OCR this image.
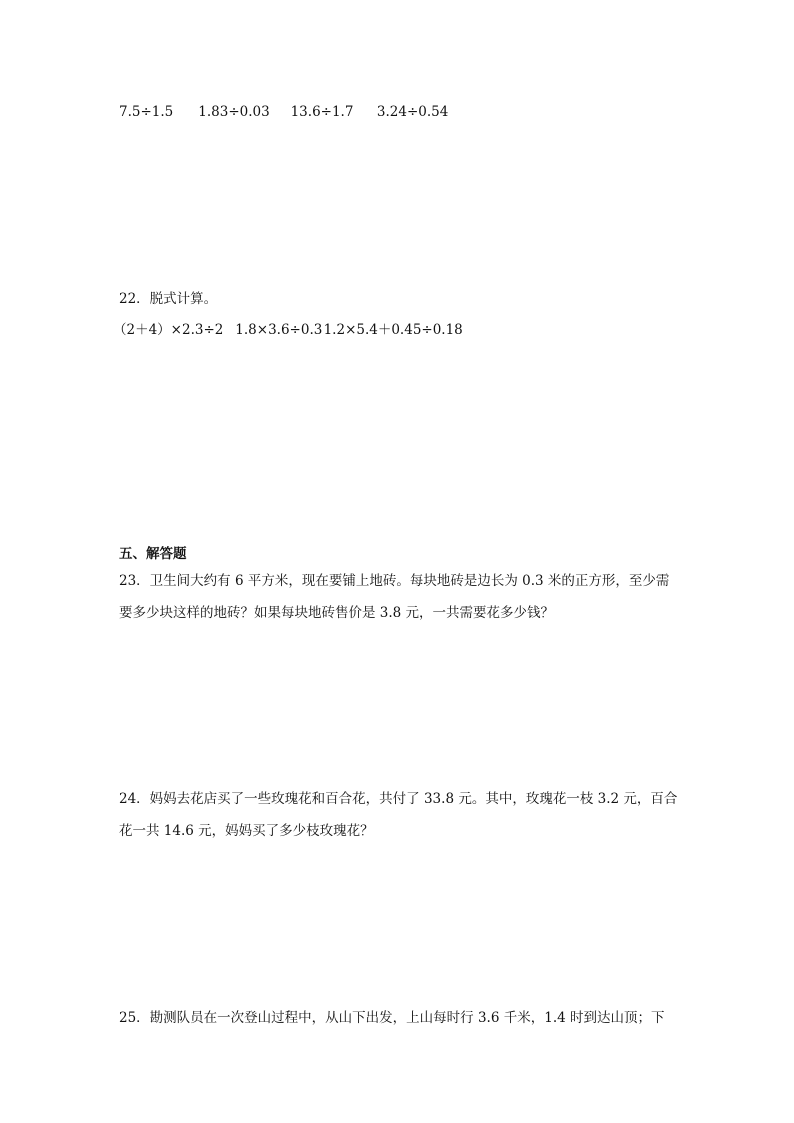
7.5÷1.5 1.83÷0.03 13.6÷1.7 3.24÷0.54
22．脱式计算。
（2＋4）×2.3÷2 1.8×3.6÷0.3 1.2×5.4＋0.45÷0.18
五、解答题
23．卫生间大约有 6 平方米，现在要铺上地砖。每块地砖是边长为 0.3 米的正方形，至少需
要多少块这样的地砖？如果每块地砖售价是 3.8 元，一共需要花多少钱？
24．妈妈去花店买了一些玫瑰花和百合花，共付了 33.8 元。其中，玫瑰花一枝 3.2 元，百合
花一共 14.6 元，妈妈买了多少枝玫瑰花？
25．勘测队员在一次登山过程中，从山下出发，上山每时行 3.6 千米，1.4 时到达山顶；下
